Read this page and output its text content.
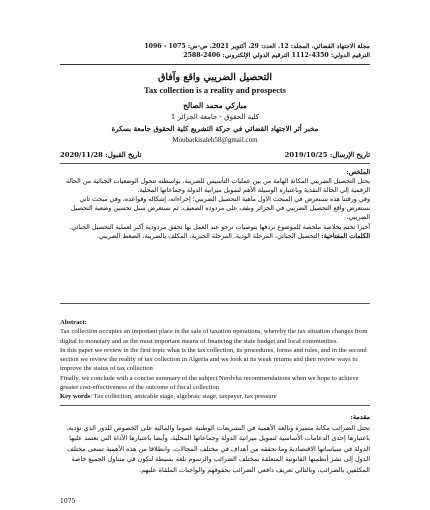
مجلة الاجتهاد القضائي، المجلد: 12، العدد: 29، أكتوبر 2021، ص-ص: 1075 - 1096
الترقيم الدولي: 4350-1112 الترقيم الدولي الإلكتروني: 2406-2588
التحصيل الضريبي واقع وآفاق
Tax collection is a reality and prospects
مباركي محمد الصالح
كلية الحقوق - جامعة الجزائر 1
مخبر أثر الاجتهاد القضائي في حركة التشريع كلية الحقوق جامعة بسكرة
Moubarkisaleh58@gmail.com
تاريخ الإرسال: 2019/10/25
تاريخ القبول: 2020/11/28
الملخص:
يحتل التحصيل الضريبي المكانة الهامة من بين عمليات التأسيس للضريبة، بواسطته تتحول الوضعيات الجبائية من الحالة الرقمية إلى الحالة النقدية وباعتباره الوسيلة الأهم لتمويل ميزانية الدولة وجماعاتها المحلية.
وفي ورقتنا هذه نستعرض في المبحث الأول ماهية التحصيل الضريبي؛ إجراءاته، إشكاله وقواعده، وفي مبحث ثاني نستعرض واقع التحصيل الضريبي في الجزائر ونقف على مردوده الضعيف، ثم نستعرض سبل تحسين وضعية التحصيل الضريبي.
أخيرا نختم بخلاصة ملخصة للموضوع نردفها بتوصيات نرجو عند العمل بها تحقق مردودية أكبر لعملية التحصيل الجبائي.
الكلمات المفتاحية: التحصيل الجبائي، المرحلة الودية، المرحلة الجبرية، المكلف بالضريبة، الضغط الضريبي.
Abstract:
Tax collection occupies an important place in the sale of taxation operations, whereby the tax situation changes from digital to monetary and as the most important means of financing the state budget and local communities.
In this paper we review in the first topic what is the tax collection, its procedures, forms and rules, and in the second section we review the reality of tax collection in Algeria and we look at its weak returns and then review ways to improve the status of tax collection
Finally, we conclude with a concise summary of the subject Nerdvha recommendations when we hope to achieve greater cost-effectiveness of the outcome of fiscal collection
Key words: Tax collection, amicable stage, algebraic stage, taxpayer, tax pressure
مقدمة:
تحتل الضرائب مكانة متميزة وبالغة الأهمية في التشريعات الوطنية عموما والمالية على الخصوص للدور الذي تؤديه، باعتبارها إحدى الدعامات الأساسية لتمويل ميزانية الدولة وجماعاتها المحلية، وأيضا باعتبارها الأداة التي تعتمد عليها الدولة في سياساتها الاقتصادية وما تحققه من أهداف في مختلف المجالات. وانطلاقا من هذه الأهمية تسعى مختلف الدول إلى نشر أنظمتها القانونية المتعلقة بمختلف الضرائب والرسوم بلغة بسيطة لتكون في متناول الجميع خاصة المكلفين بالضرائب، وبالتالي تعريف دافعي الضرائب بحقوقهم والواجبات الملقاة عليهم.
1075
